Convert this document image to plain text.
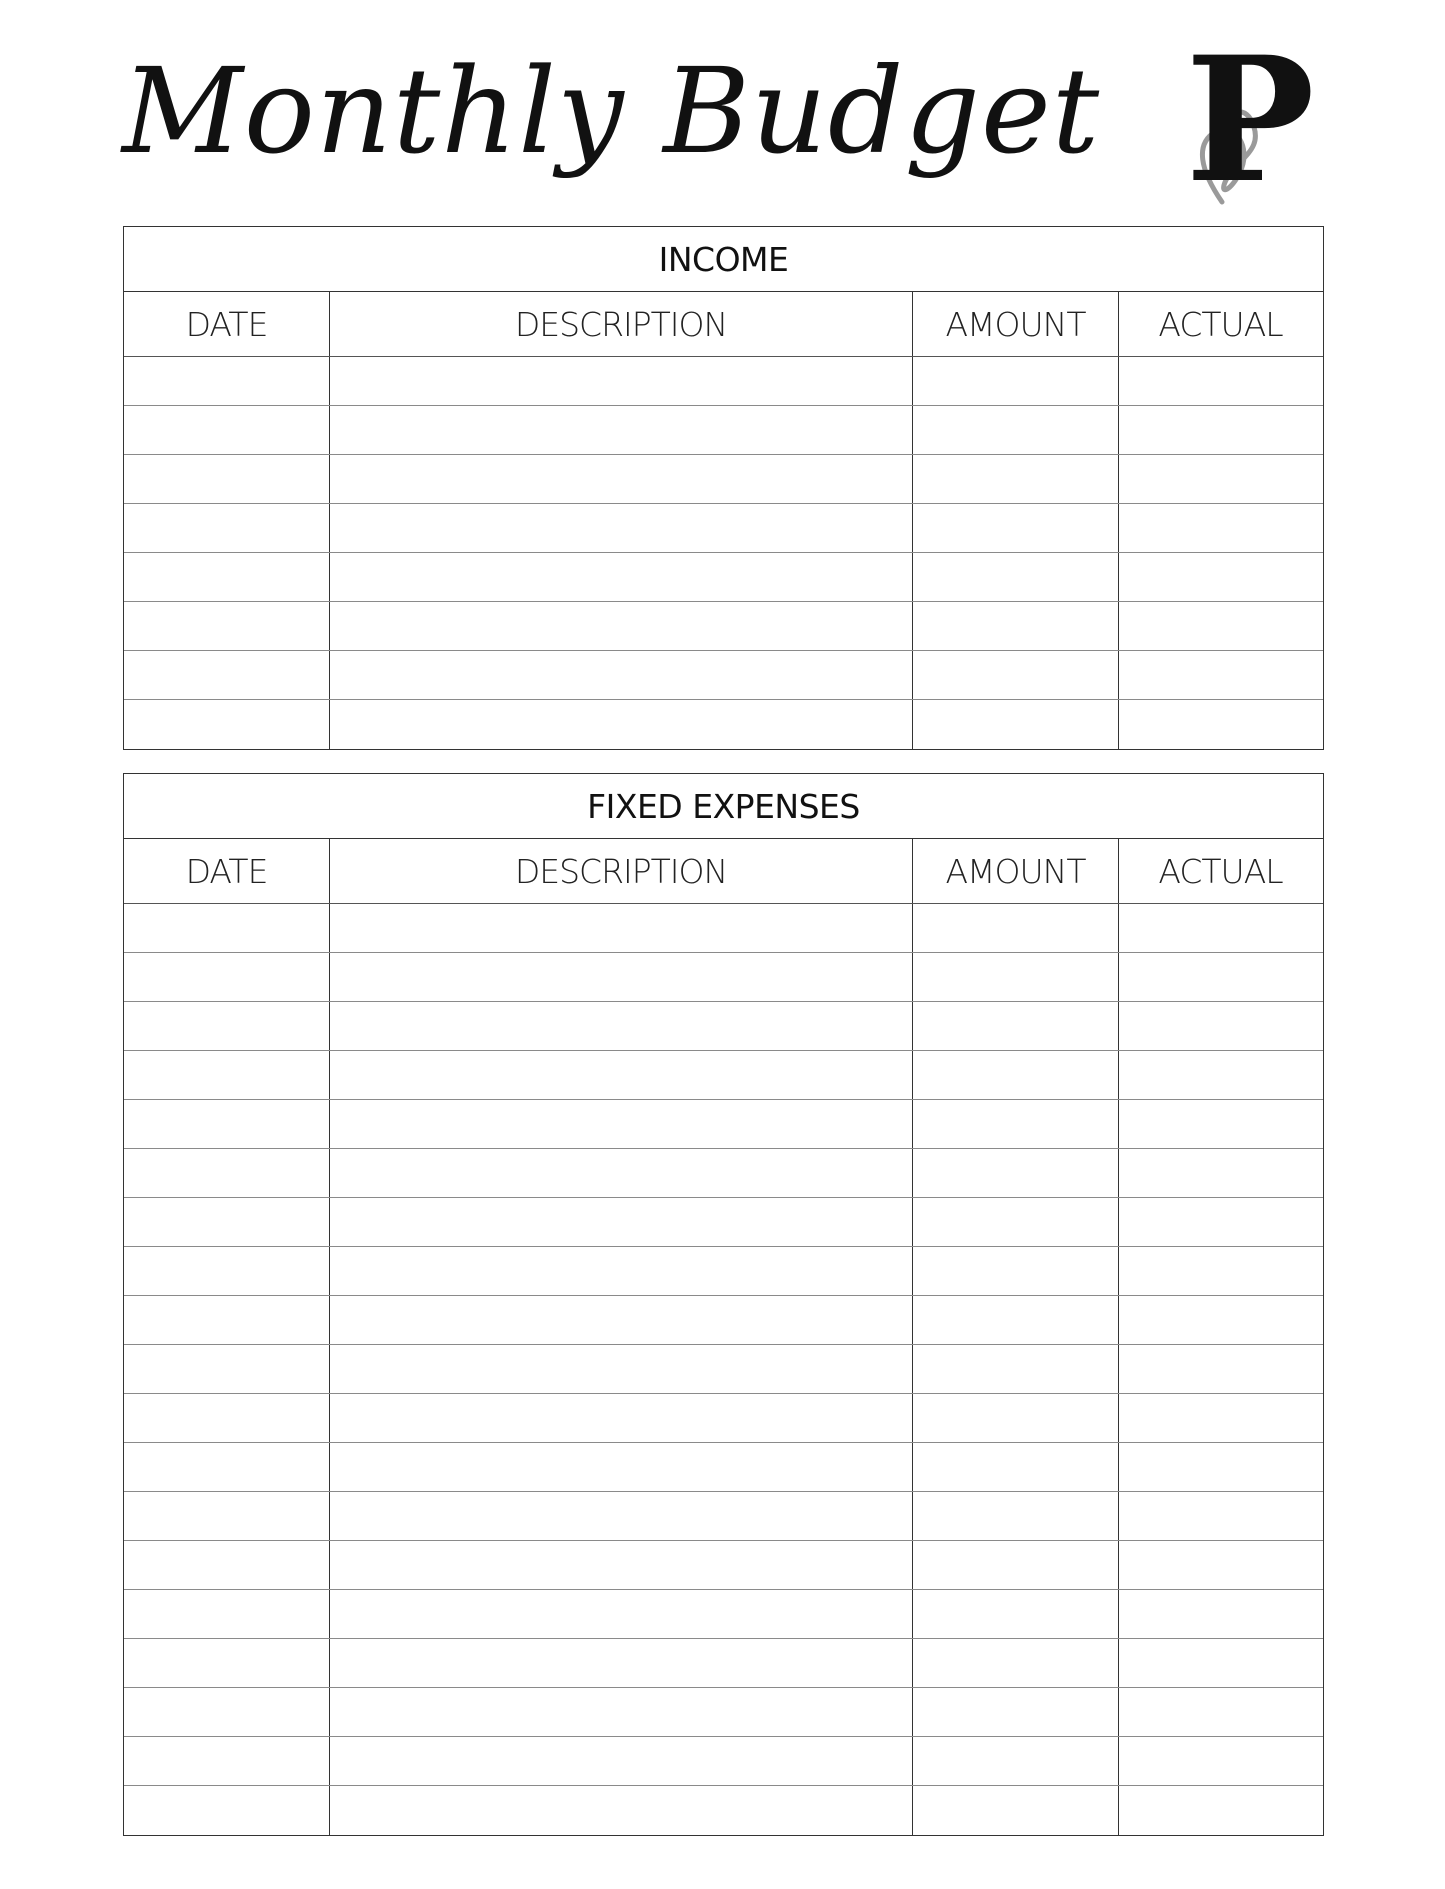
Monthly Budget P
INCOME
DATE	DESCRIPTION	AMOUNT	ACTUAL
FIXED EXPENSES
DATE	DESCRIPTION	AMOUNT	ACTUAL
